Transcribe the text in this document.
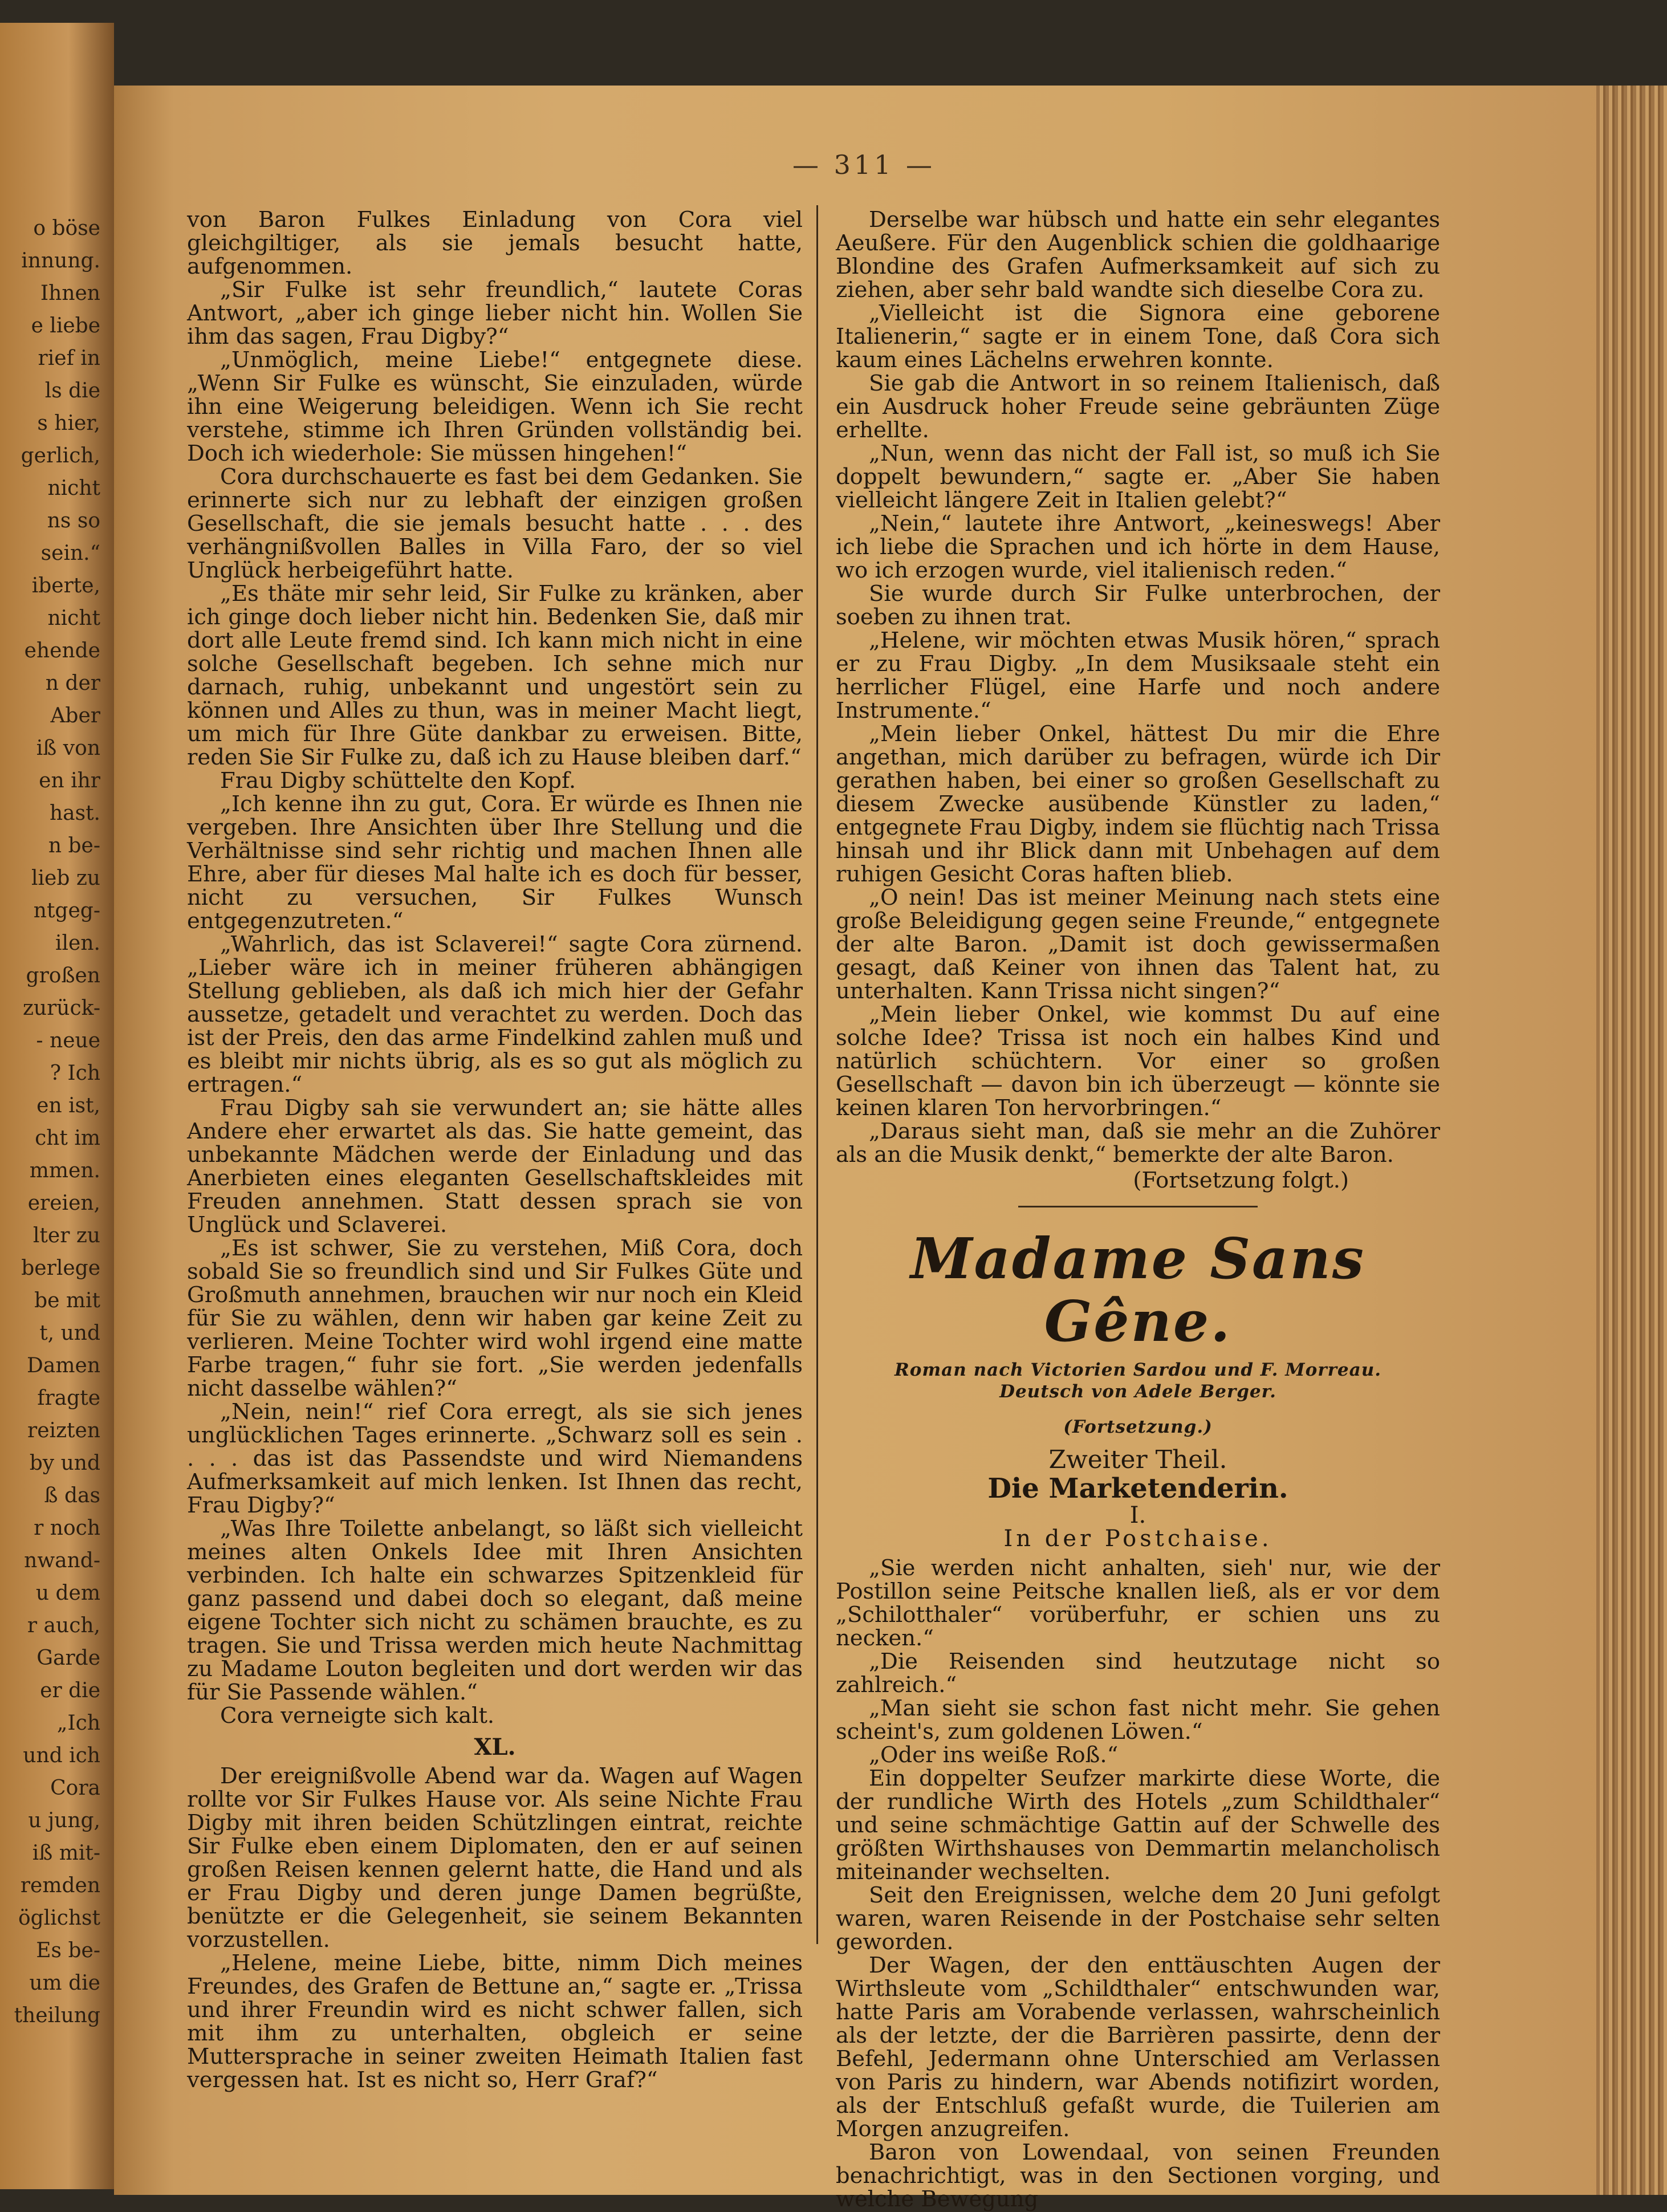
o böse
innung.
Ihnen
e liebe
rief in
ls die
s hier,
gerlich,
nicht
ns so
sein.“
iberte,
nicht
ehende
n der
Aber
iß von
en ihr
hast.
n be-
lieb zu
ntgeg-
ilen.
großen
zurück-
- neue
? Ich
en ist,
cht im
mmen.
ereien,
lter zu
berlege
be mit
t, und
Damen
fragte
reizten
by und
ß das
r noch
nwand-
u dem
r auch,
Garde
er die
„Ich
und ich
Cora
u jung,
iß mit-
remden
öglichst
Es be-
um die
theilung
— 311 —

von Baron Fulkes Einladung von Cora viel gleichgiltiger, als sie jemals besucht hatte, aufgenommen.

„Sir Fulke ist sehr freundlich,“ lautete Coras Antwort, „aber ich ginge lieber nicht hin. Wollen Sie ihm das sagen, Frau Digby?“

„Unmöglich, meine Liebe!“ entgegnete diese. „Wenn Sir Fulke es wünscht, Sie einzuladen, würde ihn eine Weigerung beleidigen. Wenn ich Sie recht verstehe, stimme ich Ihren Gründen vollständig bei. Doch ich wiederhole: Sie müssen hingehen!“

Cora durchschauerte es fast bei dem Gedanken. Sie erinnerte sich nur zu lebhaft der einzigen großen Gesellschaft, die sie jemals besucht hatte . . . des verhängnißvollen Balles in Villa Faro, der so viel Unglück herbeigeführt hatte.

„Es thäte mir sehr leid, Sir Fulke zu kränken, aber ich ginge doch lieber nicht hin. Bedenken Sie, daß mir dort alle Leute fremd sind. Ich kann mich nicht in eine solche Gesellschaft begeben. Ich sehne mich nur darnach, ruhig, unbekannt und ungestört sein zu können und Alles zu thun, was in meiner Macht liegt, um mich für Ihre Güte dankbar zu erweisen. Bitte, reden Sie Sir Fulke zu, daß ich zu Hause bleiben darf.“

Frau Digby schüttelte den Kopf.

„Ich kenne ihn zu gut, Cora. Er würde es Ihnen nie vergeben. Ihre Ansichten über Ihre Stellung und die Verhältnisse sind sehr richtig und machen Ihnen alle Ehre, aber für dieses Mal halte ich es doch für besser, nicht zu versuchen, Sir Fulkes Wunsch entgegenzutreten.“

„Wahrlich, das ist Sclaverei!“ sagte Cora zürnend. „Lieber wäre ich in meiner früheren abhängigen Stellung geblieben, als daß ich mich hier der Gefahr aussetze, getadelt und verachtet zu werden. Doch das ist der Preis, den das arme Findelkind zahlen muß und es bleibt mir nichts übrig, als es so gut als möglich zu ertragen.“

Frau Digby sah sie verwundert an; sie hätte alles Andere eher erwartet als das. Sie hatte gemeint, das unbekannte Mädchen werde der Einladung und das Anerbieten eines eleganten Gesellschaftskleides mit Freuden annehmen. Statt dessen sprach sie von Unglück und Sclaverei.

„Es ist schwer, Sie zu verstehen, Miß Cora, doch sobald Sie so freundlich sind und Sir Fulkes Güte und Großmuth annehmen, brauchen wir nur noch ein Kleid für Sie zu wählen, denn wir haben gar keine Zeit zu verlieren. Meine Tochter wird wohl irgend eine matte Farbe tragen,“ fuhr sie fort. „Sie werden jedenfalls nicht dasselbe wählen?“

„Nein, nein!“ rief Cora erregt, als sie sich jenes unglücklichen Tages erinnerte. „Schwarz soll es sein . . . . das ist das Passendste und wird Niemandens Aufmerksamkeit auf mich lenken. Ist Ihnen das recht, Frau Digby?“

„Was Ihre Toilette anbelangt, so läßt sich vielleicht meines alten Onkels Idee mit Ihren Ansichten verbinden. Ich halte ein schwarzes Spitzenkleid für ganz passend und dabei doch so elegant, daß meine eigene Tochter sich nicht zu schämen brauchte, es zu tragen. Sie und Trissa werden mich heute Nachmittag zu Madame Louton begleiten und dort werden wir das für Sie Passende wählen.“

Cora verneigte sich kalt.

XL.

Der ereignißvolle Abend war da. Wagen auf Wagen rollte vor Sir Fulkes Hause vor. Als seine Nichte Frau Digby mit ihren beiden Schützlingen eintrat, reichte Sir Fulke eben einem Diplomaten, den er auf seinen großen Reisen kennen gelernt hatte, die Hand und als er Frau Digby und deren junge Damen begrüßte, benützte er die Gelegenheit, sie seinem Bekannten vorzustellen.

„Helene, meine Liebe, bitte, nimm Dich meines Freundes, des Grafen de Bettune an,“ sagte er. „Trissa und ihrer Freundin wird es nicht schwer fallen, sich mit ihm zu unterhalten, obgleich er seine Muttersprache in seiner zweiten Heimath Italien fast vergessen hat. Ist es nicht so, Herr Graf?“

Derselbe war hübsch und hatte ein sehr elegantes Aeußere. Für den Augenblick schien die goldhaarige Blondine des Grafen Aufmerksamkeit auf sich zu ziehen, aber sehr bald wandte sich dieselbe Cora zu.

„Vielleicht ist die Signora eine geborene Italienerin,“ sagte er in einem Tone, daß Cora sich kaum eines Lächelns erwehren konnte.

Sie gab die Antwort in so reinem Italienisch, daß ein Ausdruck hoher Freude seine gebräunten Züge erhellte.

„Nun, wenn das nicht der Fall ist, so muß ich Sie doppelt bewundern,“ sagte er. „Aber Sie haben vielleicht längere Zeit in Italien gelebt?“

„Nein,“ lautete ihre Antwort, „keineswegs! Aber ich liebe die Sprachen und ich hörte in dem Hause, wo ich erzogen wurde, viel italienisch reden.“

Sie wurde durch Sir Fulke unterbrochen, der soeben zu ihnen trat.

„Helene, wir möchten etwas Musik hören,“ sprach er zu Frau Digby. „In dem Musiksaale steht ein herrlicher Flügel, eine Harfe und noch andere Instrumente.“

„Mein lieber Onkel, hättest Du mir die Ehre angethan, mich darüber zu befragen, würde ich Dir gerathen haben, bei einer so großen Gesellschaft zu diesem Zwecke ausübende Künstler zu laden,“ entgegnete Frau Digby, indem sie flüchtig nach Trissa hinsah und ihr Blick dann mit Unbehagen auf dem ruhigen Gesicht Coras haften blieb.

„O nein! Das ist meiner Meinung nach stets eine große Beleidigung gegen seine Freunde,“ entgegnete der alte Baron. „Damit ist doch gewissermaßen gesagt, daß Keiner von ihnen das Talent hat, zu unterhalten. Kann Trissa nicht singen?“

„Mein lieber Onkel, wie kommst Du auf eine solche Idee? Trissa ist noch ein halbes Kind und natürlich schüchtern. Vor einer so großen Gesellschaft — davon bin ich überzeugt — könnte sie keinen klaren Ton hervorbringen.“

„Daraus sieht man, daß sie mehr an die Zuhörer als an die Musik denkt,“ bemerkte der alte Baron.

(Fortsetzung folgt.)
Madame Sans Gêne.
Roman nach Victorien Sardou und F. Morreau.
Deutsch von Adele Berger.
(Fortsetzung.)
Zweiter Theil.
Die Marketenderin.
I.
In der Postchaise.

„Sie werden nicht anhalten, sieh' nur, wie der Postillon seine Peitsche knallen ließ, als er vor dem „Schilotthaler“ vorüberfuhr, er schien uns zu necken.“

„Die Reisenden sind heutzutage nicht so zahlreich.“

„Man sieht sie schon fast nicht mehr. Sie gehen scheint's, zum goldenen Löwen.“

„Oder ins weiße Roß.“

Ein doppelter Seufzer markirte diese Worte, die der rundliche Wirth des Hotels „zum Schildthaler“ und seine schmächtige Gattin auf der Schwelle des größten Wirthshauses von Demmartin melancholisch miteinander wechselten.

Seit den Ereignissen, welche dem 20 Juni gefolgt waren, waren Reisende in der Postchaise sehr selten geworden.

Der Wagen, der den enttäuschten Augen der Wirthsleute vom „Schildthaler“ entschwunden war, hatte Paris am Vorabende verlassen, wahrscheinlich als der letzte, der die Barrièren passirte, denn der Befehl, Jedermann ohne Unterschied am Verlassen von Paris zu hindern, war Abends notifizirt worden, als der Entschluß gefaßt wurde, die Tuilerien am Morgen anzugreifen.

Baron von Lowendaal, von seinen Freunden benachrichtigt, was in den Sectionen vorging, und welche Bewegung
